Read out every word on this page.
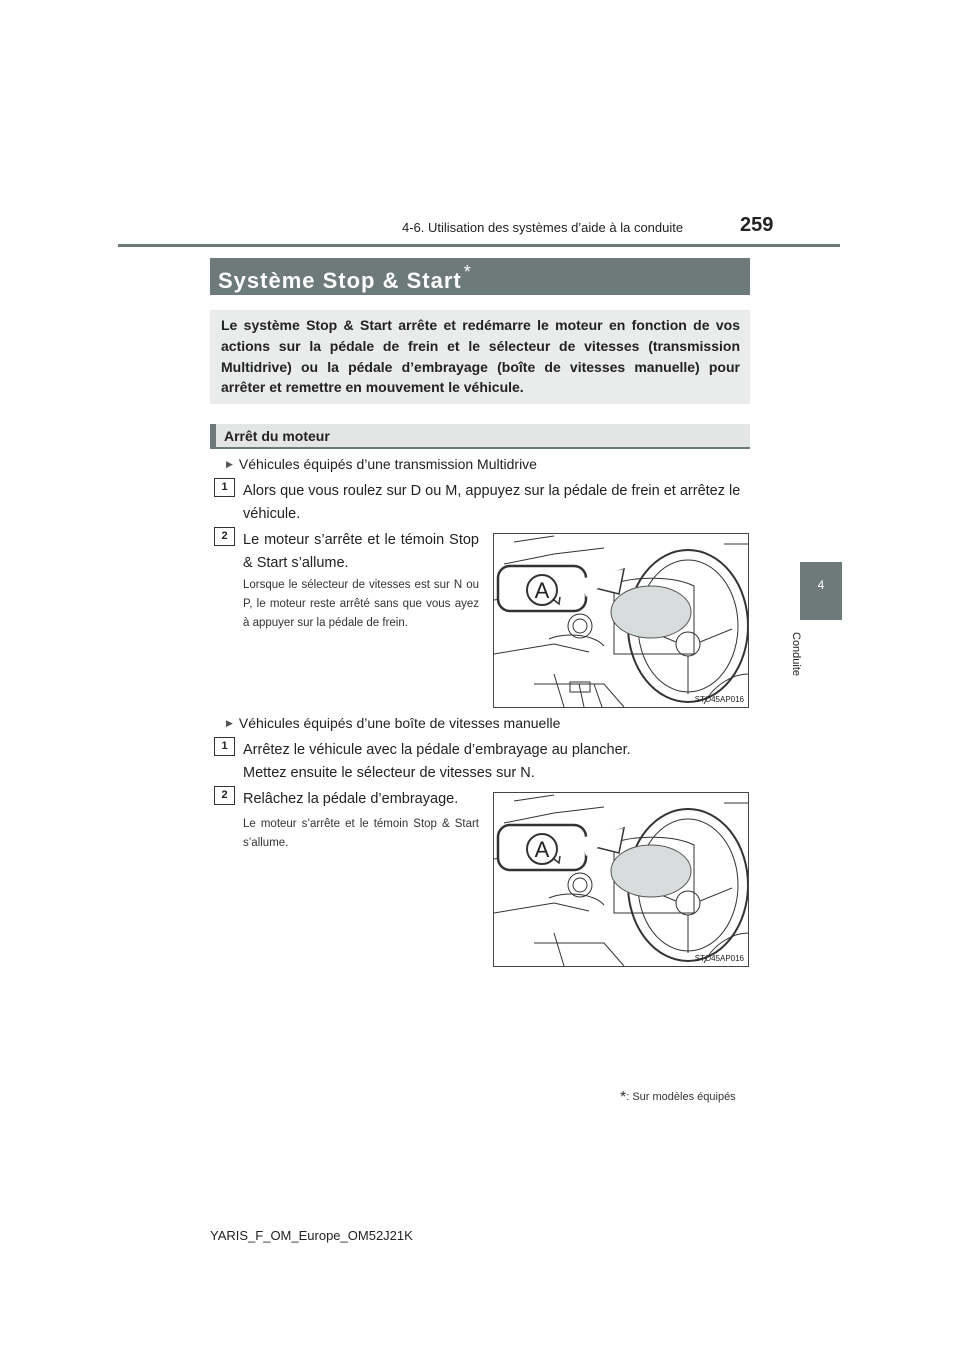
4-6. Utilisation des systèmes d’aide à la conduite	259
4
Conduite
Système Stop & Start *
Le système Stop & Start arrête et redémarre le moteur en fonction de vos actions sur la pédale de frein et le sélecteur de vitesses (transmission Multidrive) ou la pédale d’embrayage (boîte de vitesses manuelle) pour arrêter et remettre en mouvement le véhicule.
Arrêt du moteur
▶ Véhicules équipés d’une transmission Multidrive
1	Alors que vous roulez sur D ou M, appuyez sur la pédale de frein et arrêtez le véhicule.
2	Le moteur s’arrête et le témoin Stop & Start s’allume.
Lorsque le sélecteur de vitesses est sur N ou P, le moteur reste arrêté sans que vous ayez à appuyer sur la pédale de frein.
A
STO45AP016
▶ Véhicules équipés d’une boîte de vitesses manuelle
1	Arrêtez le véhicule avec la pédale d’embrayage au plancher.
Mettez ensuite le sélecteur de vitesses sur N.
2	Relâchez la pédale d’embrayage.
Le moteur s’arrête et le témoin Stop & Start s’allume.	A
STO45AP016
*: Sur modèles équipés
YARIS_F_OM_Europe_OM52J21K
